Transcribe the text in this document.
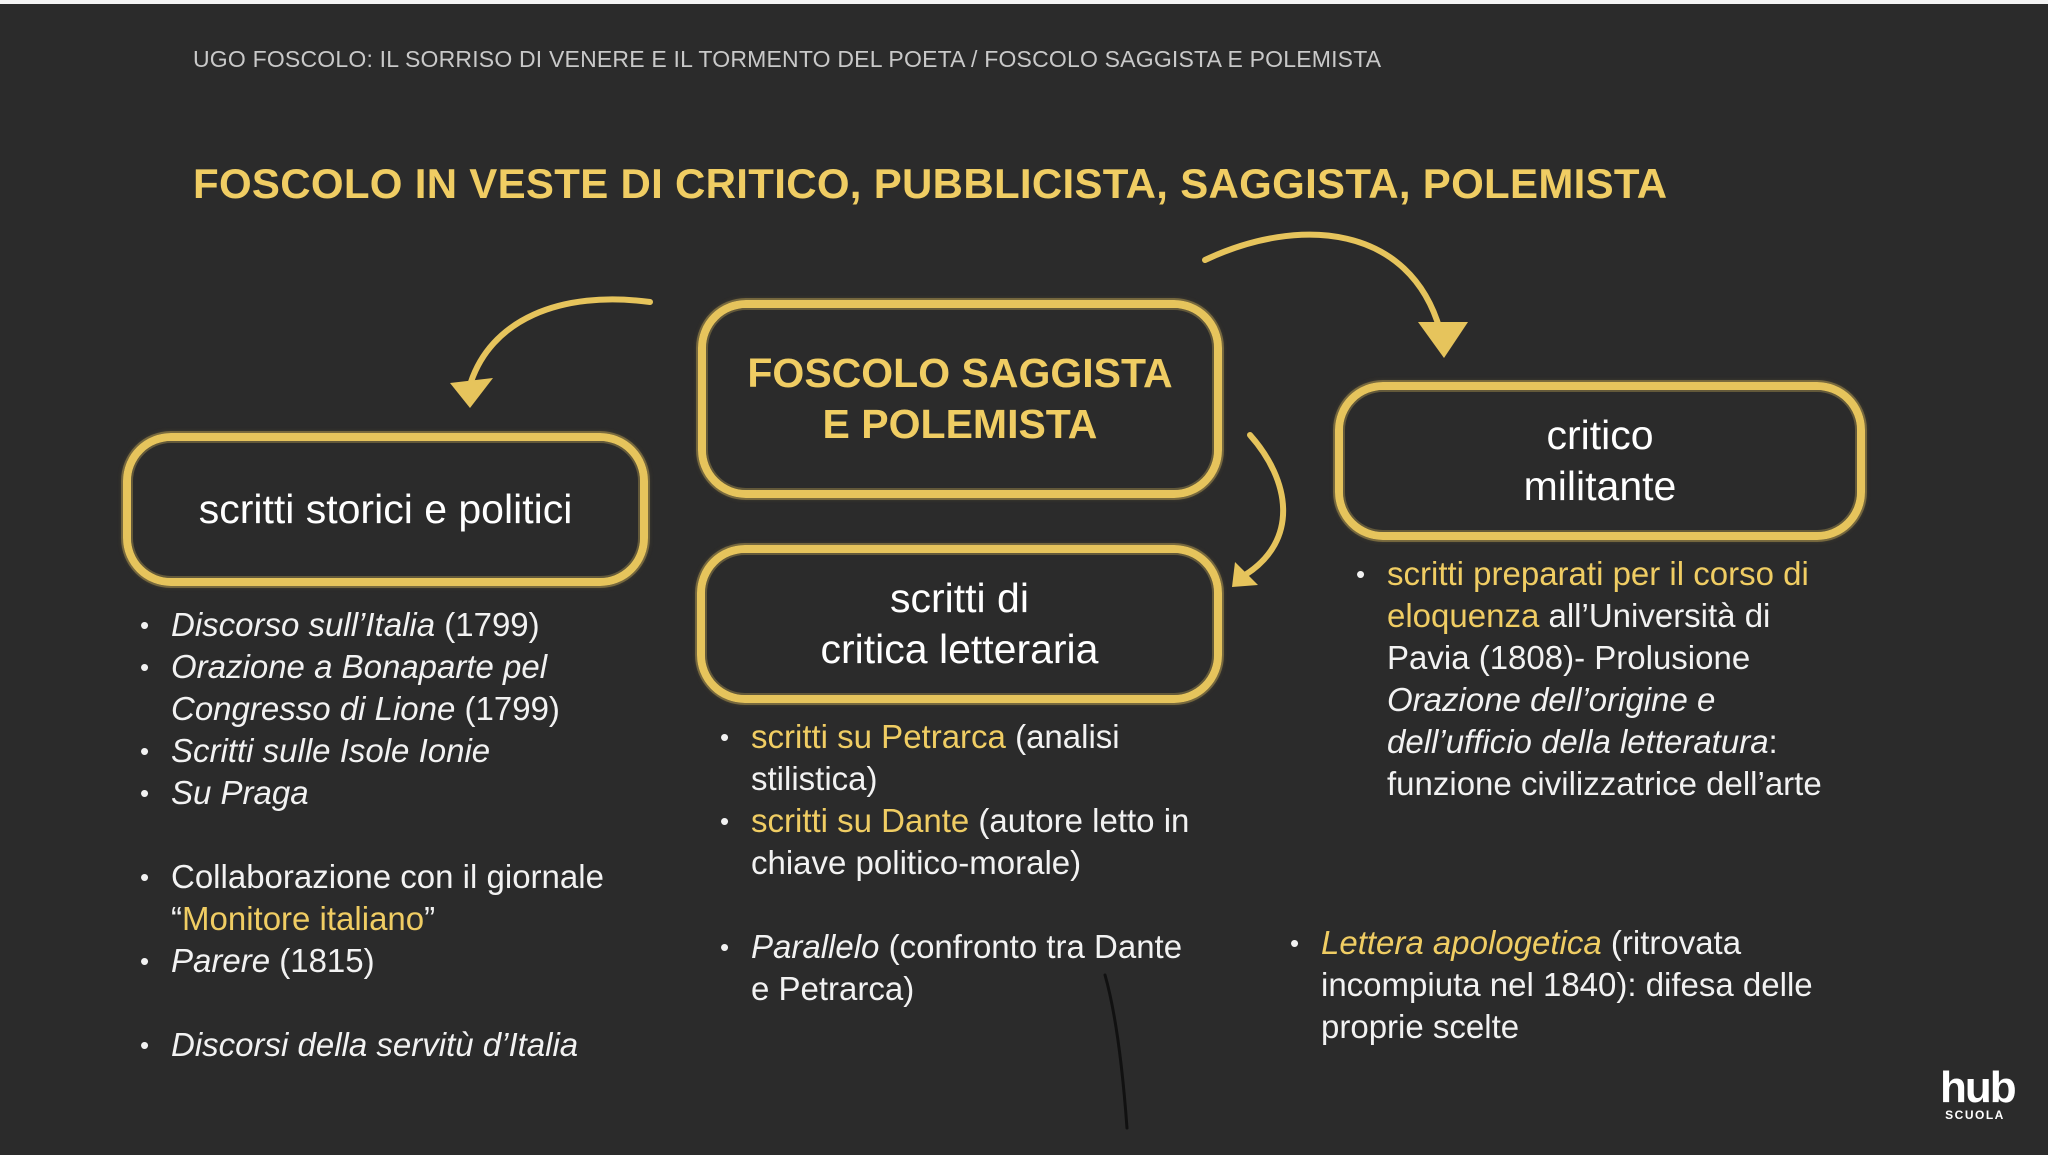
UGO FOSCOLO: IL SORRISO DI VENERE E IL TORMENTO DEL POETA / FOSCOLO SAGGISTA E POLEMISTA
FOSCOLO IN VESTE DI CRITICO, PUBBLICISTA, SAGGISTA, POLEMISTA
FOSCOLO SAGGISTA
E POLEMISTA
scritti storici e politici
scritti di
critica letteraria
critico
militante
• Discorso sull’Italia (1799)
• Orazione a Bonaparte pel
Congresso di Lione (1799)
• Scritti sulle Isole Ionie
• Su Praga
• Collaborazione con il giornale
“Monitore italiano”
• Parere (1815)
• Discorsi della servitù d’Italia
• scritti su Petrarca (analisi
stilistica)
• scritti su Dante (autore letto in
chiave politico-morale)
• Parallelo (confronto tra Dante
e Petrarca)
• scritti preparati per il corso di
eloquenza all’Università di
Pavia (1808)- Prolusione
Orazione dell’origine e
dell’ufficio della letteratura:
funzione civilizzatrice dell’arte
• Lettera apologetica (ritrovata
incompiuta nel 1840): difesa delle
proprie scelte
hub
SCUOLA
